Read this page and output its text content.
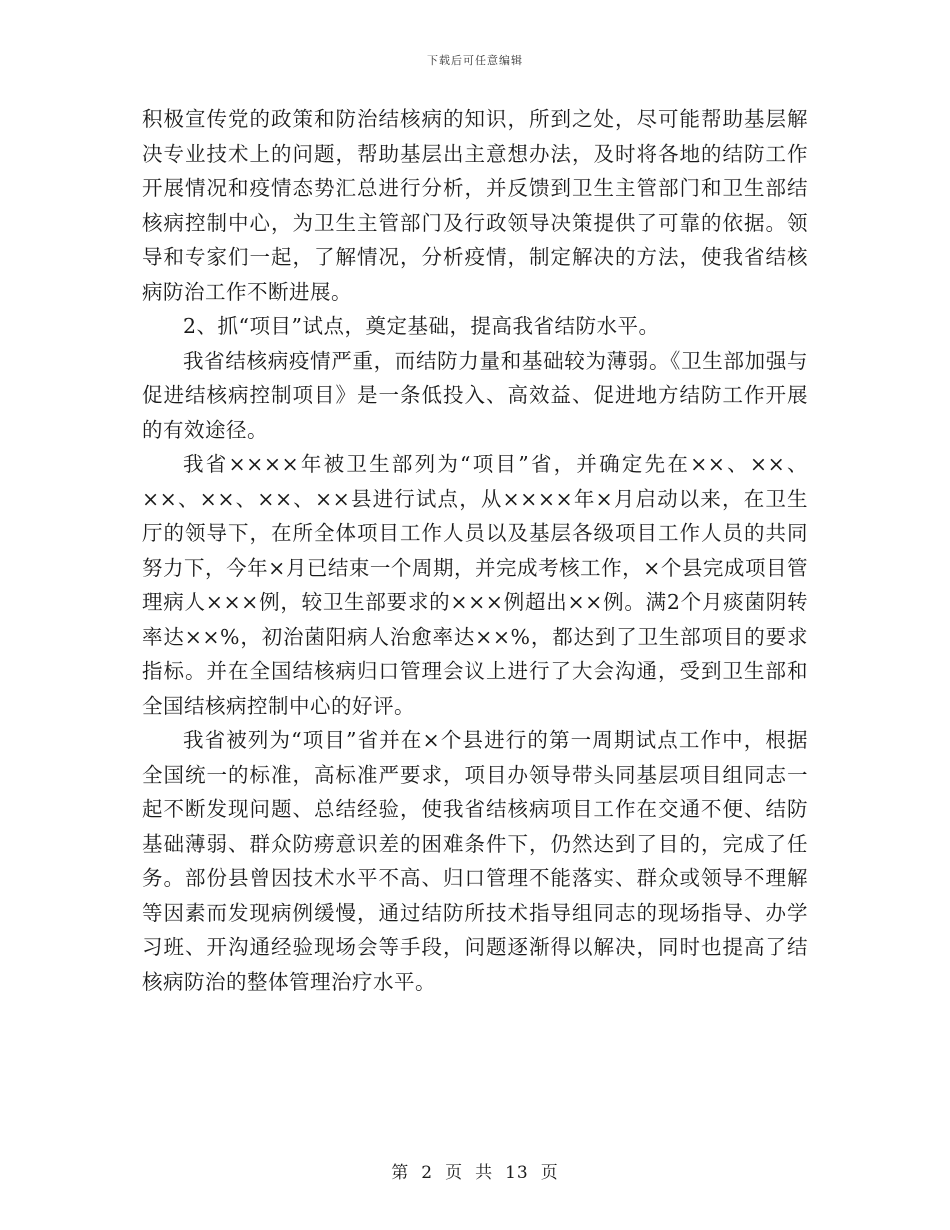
下载后可任意编辑

积极宣传党的政策和防治结核病的知识，所到之处，尽可能帮助基层解决专业技术上的问题，帮助基层出主意想办法，及时将各地的结防工作开展情况和疫情态势汇总进行分析，并反馈到卫生主管部门和卫生部结核病控制中心，为卫生主管部门及行政领导决策提供了可靠的依据。领导和专家们一起，了解情况，分析疫情，制定解决的方法，使我省结核病防治工作不断进展。

2、抓“项目”试点，奠定基础，提高我省结防水平。

我省结核病疫情严重，而结防力量和基础较为薄弱。《卫生部加强与促进结核病控制项目》是一条低投入、高效益、促进地方结防工作开展的有效途径。

我省××××年被卫生部列为“项目”省，并确定先在××、××、××、××、××、××县进行试点，从××××年×月启动以来，在卫生厅的领导下，在所全体项目工作人员以及基层各级项目工作人员的共同努力下，今年×月已结束一个周期，并完成考核工作，×个县完成项目管理病人×××例，较卫生部要求的×××例超出××例。满2个月痰菌阴转率达××%，初治菌阳病人治愈率达××%，都达到了卫生部项目的要求指标。并在全国结核病归口管理会议上进行了大会沟通，受到卫生部和全国结核病控制中心的好评。

我省被列为“项目”省并在×个县进行的第一周期试点工作中，根据全国统一的标准，高标准严要求，项目办领导带头同基层项目组同志一起不断发现问题、总结经验，使我省结核病项目工作在交通不便、结防基础薄弱、群众防痨意识差的困难条件下，仍然达到了目的，完成了任务。部份县曾因技术水平不高、归口管理不能落实、群众或领导不理解等因素而发现病例缓慢，通过结防所技术指导组同志的现场指导、办学习班、开沟通经验现场会等手段，问题逐渐得以解决，同时也提高了结核病防治的整体管理治疗水平。

第 2 页 共 13 页
